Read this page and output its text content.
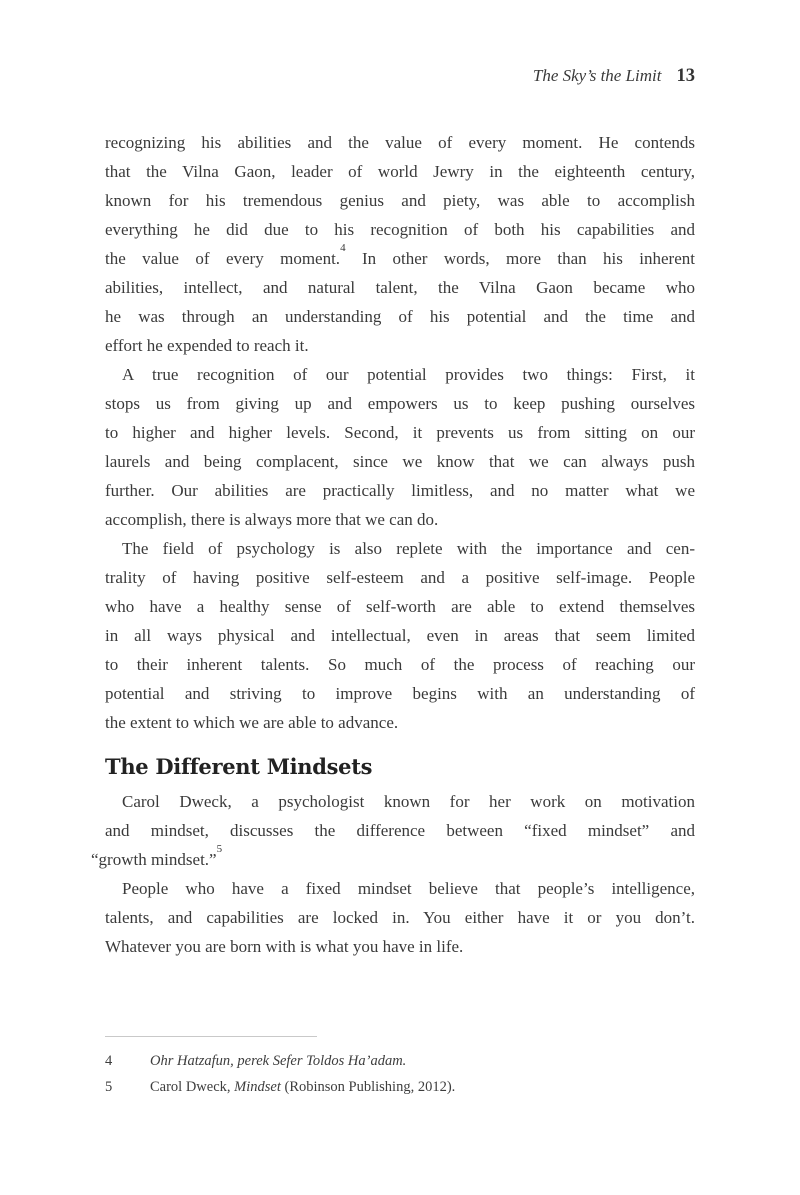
The Sky’s the Limit 13
recognizing his abilities and the value of every moment. He contends
that the Vilna Gaon, leader of world Jewry in the eighteenth century,
known for his tremendous genius and piety, was able to accomplish
everything he did due to his recognition of both his capabilities and
the value of every moment.$^4$ In other words, more than his inherent
abilities, intellect, and natural talent, the Vilna Gaon became who
he was through an understanding of his potential and the time and
effort he expended to reach it.
A true recognition of our potential provides two things: First, it
stops us from giving up and empowers us to keep pushing ourselves
to higher and higher levels. Second, it prevents us from sitting on our
laurels and being complacent, since we know that we can always push
further. Our abilities are practically limitless, and no matter what we
accomplish, there is always more that we can do.
The field of psychology is also replete with the importance and cen-
trality of having positive self-esteem and a positive self-image. People
who have a healthy sense of self-worth are able to extend themselves
in all ways physical and intellectual, even in areas that seem limited
to their inherent talents. So much of the process of reaching our
potential and striving to improve begins with an understanding of
the extent to which we are able to advance.
The Different Mindsets
Carol Dweck, a psychologist known for her work on motivation
and mindset, discusses the difference between “fixed mindset” and
“growth mindset.”$^5$
People who have a fixed mindset believe that people’s intelligence,
talents, and capabilities are locked in. You either have it or you don’t.
Whatever you are born with is what you have in life.
4	Ohr Hatzafun, perek Sefer Toldos Ha’adam.
5	Carol Dweck, Mindset (Robinson Publishing, 2012).
